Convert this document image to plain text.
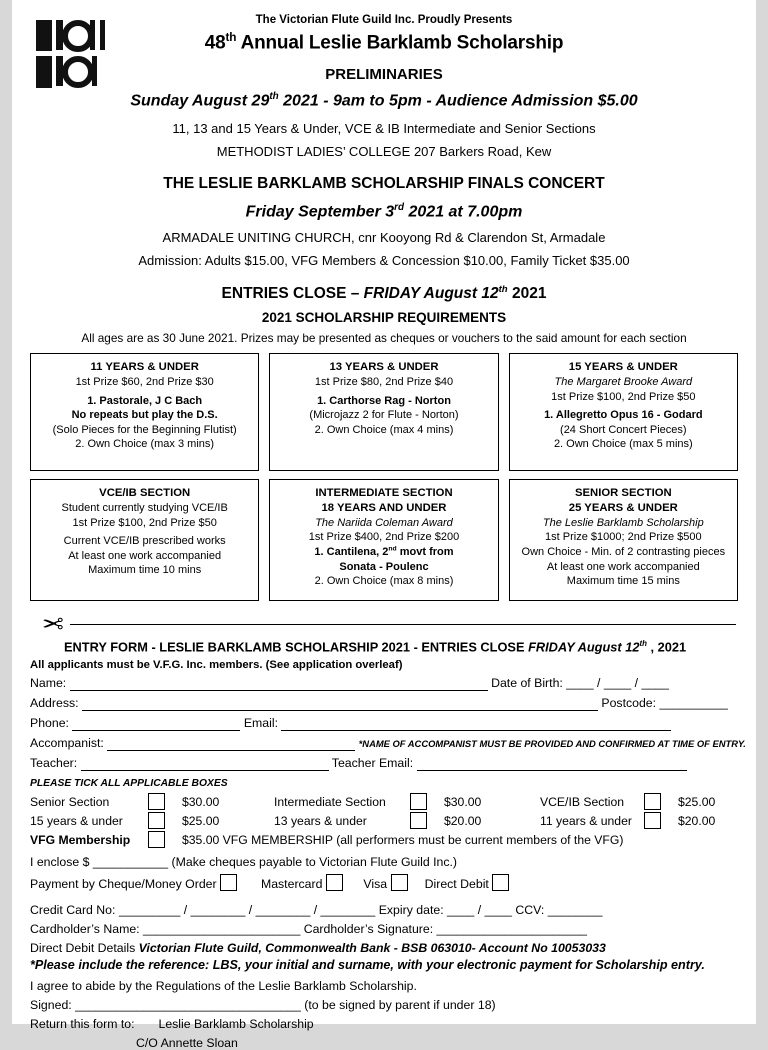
The Victorian Flute Guild Inc. Proudly Presents
48th Annual Leslie Barklamb Scholarship
PRELIMINARIES
Sunday August 29th 2021 - 9am to 5pm - Audience Admission $5.00
11, 13 and 15 Years & Under, VCE & IB Intermediate and Senior Sections
METHODIST LADIES’ COLLEGE 207 Barkers Road, Kew
THE LESLIE BARKLAMB SCHOLARSHIP FINALS CONCERT
Friday September 3rd 2021 at 7.00pm
ARMADALE UNITING CHURCH, cnr Kooyong Rd & Clarendon St, Armadale
Admission: Adults $15.00, VFG Members & Concession $10.00, Family Ticket $35.00
ENTRIES CLOSE – FRIDAY August 12th 2021
2021 SCHOLARSHIP REQUIREMENTS
All ages are as 30 June 2021. Prizes may be presented as cheques or vouchers to the said amount for each section
11 YEARS & UNDER
1st Prize $60, 2nd Prize $30
1. Pastorale, J C Bach
No repeats but play the D.S.
(Solo Pieces for the Beginning Flutist)
2. Own Choice (max 3 mins)
13 YEARS & UNDER
1st Prize $80, 2nd Prize $40
1. Carthorse Rag - Norton
(Microjazz 2 for Flute - Norton)
2. Own Choice (max 4 mins)
15 YEARS & UNDER
The Margaret Brooke Award
1st Prize $100, 2nd Prize $50
1. Allegretto Opus 16 - Godard
(24 Short Concert Pieces)
2. Own Choice (max 5 mins)
VCE/IB SECTION
Student currently studying VCE/IB
1st Prize $100, 2nd Prize $50
Current VCE/IB prescribed works
At least one work accompanied
Maximum time 10 mins
INTERMEDIATE SECTION
18 YEARS AND UNDER
The Nariida Coleman Award
1st Prize $400, 2nd Prize $200
1. Cantilena, 2nd movt from
Sonata - Poulenc
2. Own Choice (max 8 mins)
SENIOR SECTION
25 YEARS & UNDER
The Leslie Barklamb Scholarship
1st Prize $1000; 2nd Prize $500
Own Choice - Min. of 2 contrasting pieces
At least one work accompanied
Maximum time 15 mins
✂
ENTRY FORM - LESLIE BARKLAMB SCHOLARSHIP 2021 - ENTRIES CLOSE FRIDAY August 12th , 2021
All applicants must be V.F.G. Inc. members. (See application overleaf)
Name:	Date of Birth: ____ / ____ / ____
Address:	Postcode: __________
Phone:	Email:
Accompanist:	*NAME OF ACCOMPANIST MUST BE PROVIDED AND CONFIRMED AT TIME OF ENTRY.
Teacher:	Teacher Email:
PLEASE TICK ALL APPLICABLE BOXES
Senior Section		$30.00	Intermediate Section		$30.00	VCE/IB Section		$25.00
15 years & under		$25.00	13 years & under		$20.00	11 years & under		$20.00
VFG Membership		$35.00 VFG MEMBERSHIP (all performers must be current members of the VFG)						
I enclose $ ___________ (Make cheques payable to Victorian Flute Guild Inc.)
Payment by Cheque/Money Order	Mastercard	Visa	Direct Debit
Credit Card No: _________ / ________ / ________ / ________ Expiry date: ____ / ____ CCV: ________
Cardholder’s Name: _______________________ Cardholder’s Signature: ______________________
Direct Debit Details Victorian Flute Guild, Commonwealth Bank - BSB 063010- Account No 10053033
*Please include the reference: LBS, your initial and surname, with your electronic payment for Scholarship entry.
I agree to abide by the Regulations of the Leslie Barklamb Scholarship.
Signed: _________________________________ (to be signed by parent if under 18)
Return this form to: Leslie Barklamb Scholarship
C/O Annette Sloan
